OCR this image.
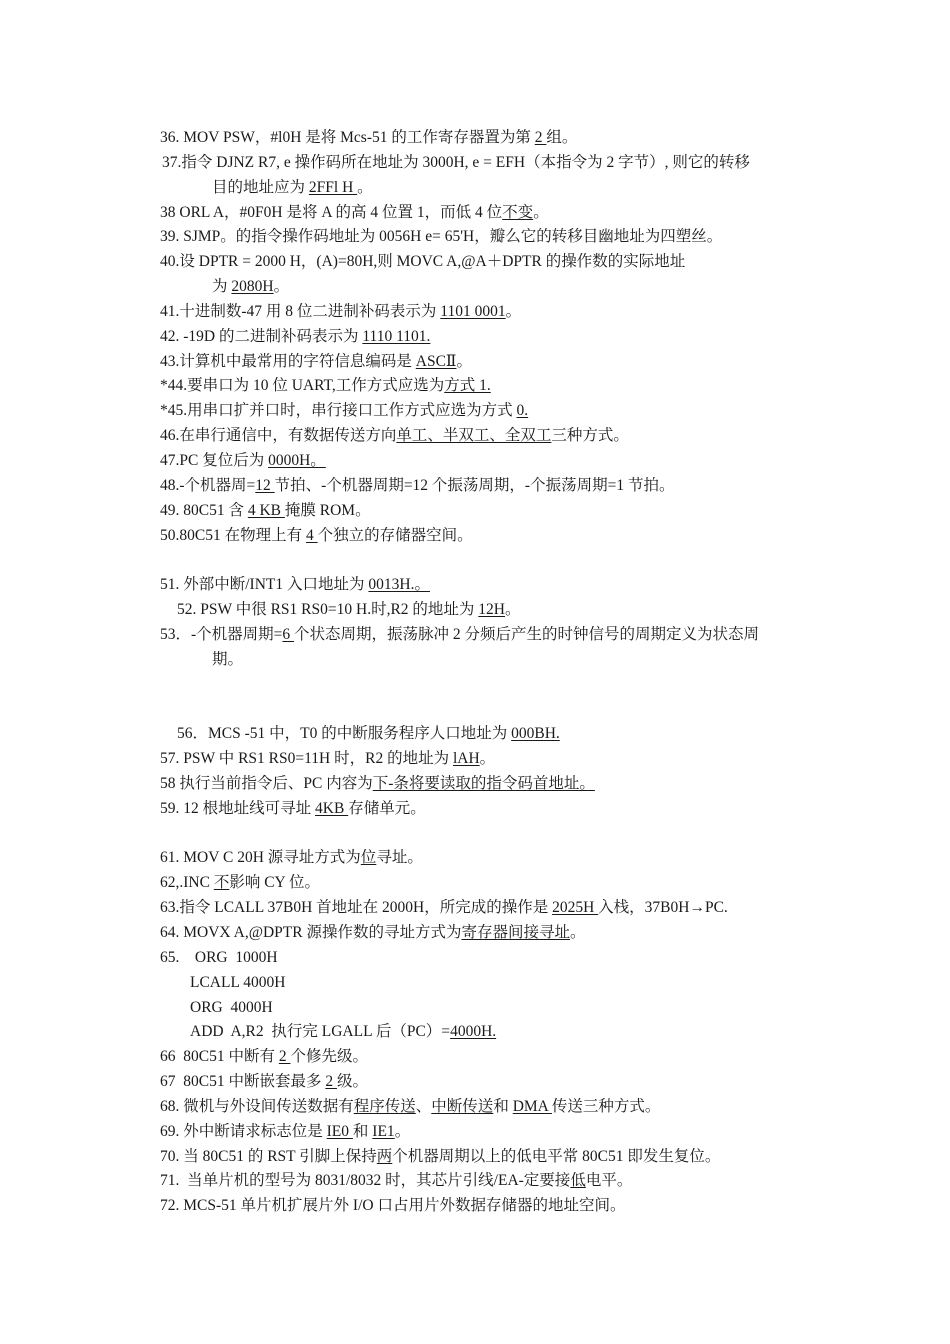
36. MOV PSW，#l0H 是将 Mcs-51 的工作寄存器置为第 2 组。
37.指令 DJNZ R7, e 操作码所在地址为 3000H, e = EFH（本指令为 2 字节）, 则它的转移
目的地址应为 2FFl H 。
38 ORL A，#0F0H 是将 A 的高 4 位置 1，而低 4 位不变。
39. SJMP。的指令操作码地址为 0056H e= 65'H，瓣么它的转移目幽地址为四塑丝。
40.设 DPTR = 2000 H，(A)=80H,则 MOVC A,@A＋DPTR 的操作数的实际地址
为 2080H。
41.十进制数-47 用 8 位二进制补码表示为 1101 0001。
42. -19D 的二进制补码表示为 1110 1101.
43.计算机中最常用的字符信息编码是 ASCⅡ。
*44.要串口为 10 位 UART,工作方式应选为方式 1.
*45.用串口扩并口时，串行接口工作方式应选为方式 0.
46.在串行通信中，有数据传送方向单工、半双工、全双工三种方式。
47.PC 复位后为 0000H。
48.-个机器周=12 节拍、-个机器周期=12 个振荡周期，-个振荡周期=1 节拍。
49. 80C51 含 4 KB 掩膜 ROM。
50.80C51 在物理上有 4 个独立的存储器空间。
51. 外部中断/INT1 入口地址为 0013H.。
52. PSW 中很 RS1 RS0=10 H.时,R2 的地址为 12H。
53．-个机器周期=6 个状态周期，振荡脉冲 2 分频后产生的时钟信号的周期定义为状态周
期。
56．MCS -51 中，T0 的中断服务程序人口地址为 000BH.
57. PSW 中 RS1 RS0=11H 时，R2 的地址为 lAH。
58 执行当前指令后、PC 内容为下-条将要读取的指令码首地址。
59. 12 根地址线可寻址 4KB 存储单元。
61. MOV C 20H 源寻址方式为位寻址。
62,.INC 不影响 CY 位。
63.指令 LCALL 37B0H 首地址在 2000H，所完成的操作是 2025H 入栈，37B0H→PC.
64. MOVX A,@DPTR 源操作数的寻址方式为寄存器间接寻址。
65.    ORG  1000H
LCALL 4000H
ORG  4000H
ADD  A,R2  执行完 LGALL 后（PC）=4000H.
66  80C51 中断有 2 个修先级。
67  80C51 中断嵌套最多 2 级。
68. 微机与外设间传送数据有程序传送、中断传送和 DMA 传送三种方式。
69. 外中断请求标志位是 IE0 和 IE1。
70. 当 80C51 的 RST 引脚上保持两个机器周期以上的低电平常 80C51 即发生复位。
71.  当单片机的型号为 8031/8032 时，其芯片引线/EA-定要接低电平。
72. MCS-51 单片机扩展片外 I/O 口占用片外数据存储器的地址空间。
